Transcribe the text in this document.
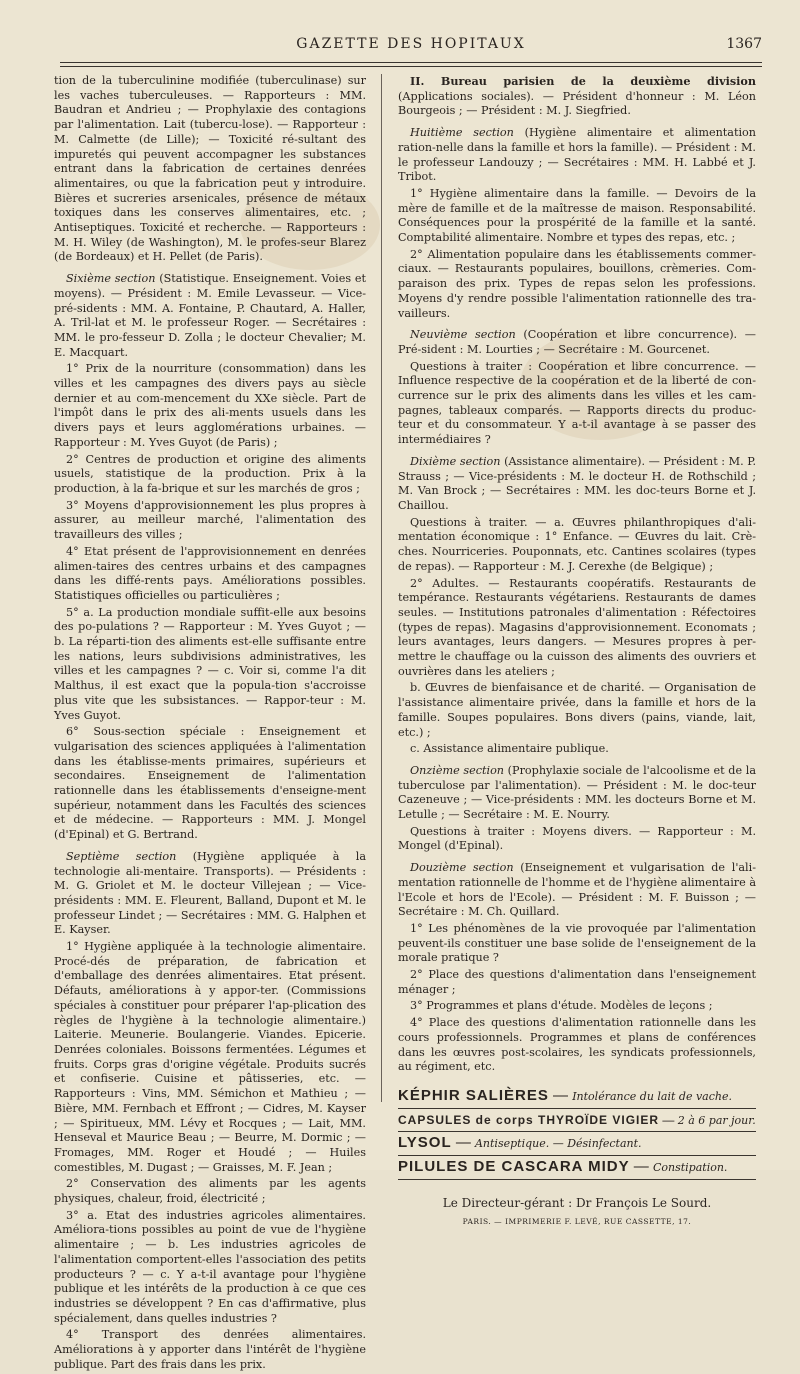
GAZETTE DES HOPITAUX	1367

tion de la tuberculinine modifiée (tuberculinase) sur les vaches tuberculeuses. — Rapporteurs : MM. Baudran et Andrieu ; — Prophylaxie des contagions par l'alimentation. Lait (tubercu-lose). — Rapporteur : M. Calmette (de Lille); — Toxicité ré-sultant des impuretés qui peuvent accompagner les substances entrant dans la fabrication de certaines denrées alimentaires, ou que la fabrication peut y introduire. Bières et sucreries arsenicales, présence de métaux toxiques dans les conserves alimentaires, etc. ; Antiseptiques. Toxicité et recherche. — Rapporteurs : M. H. Wiley (de Washington), M. le profes-seur Blarez (de Bordeaux) et H. Pellet (de Paris).

Sixième section (Statistique. Enseignement. Voies et moyens). — Président : M. Emile Levasseur. — Vice-pré-sidents : MM. A. Fontaine, P. Chautard, A. Haller, A. Tril-lat et M. le professeur Roger. — Secrétaires : MM. le pro-fesseur D. Zolla ; le docteur Chevalier; M. E. Macquart.

1° Prix de la nourriture (consommation) dans les villes et les campagnes des divers pays au siècle dernier et au com-mencement du XXe siècle. Part de l'impôt dans le prix des ali-ments usuels dans les divers pays et leurs agglomérations urbaines. — Rapporteur : M. Yves Guyot (de Paris) ;

2° Centres de production et origine des aliments usuels, statistique de la production. Prix à la production, à la fa-brique et sur les marchés de gros ;

3° Moyens d'approvisionnement les plus propres à assurer, au meilleur marché, l'alimentation des travailleurs des villes ;

4° Etat présent de l'approvisionnement en denrées alimen-taires des centres urbains et des campagnes dans les diffé-rents pays. Améliorations possibles. Statistiques officielles ou particulières ;

5° a. La production mondiale suffit-elle aux besoins des po-pulations ? — Rapporteur : M. Yves Guyot ; — b. La réparti-tion des aliments est-elle suffisante entre les nations, leurs subdivisions administratives, les villes et les campagnes ? — c. Voir si, comme l'a dit Malthus, il est exact que la popula-tion s'accroisse plus vite que les subsistances. — Rappor-teur : M. Yves Guyot.

6° Sous-section spéciale : Enseignement et vulgarisation des sciences appliquées à l'alimentation dans les établisse-ments primaires, supérieurs et secondaires. Enseignement de l'alimentation rationnelle dans les établissements d'enseigne-ment supérieur, notamment dans les Facultés des sciences et de médecine. — Rapporteurs : MM. J. Mongel (d'Epinal) et G. Bertrand.

Septième section (Hygiène appliquée à la technologie ali-mentaire. Transports). — Présidents : M. G. Griolet et M. le docteur Villejean ; — Vice-présidents : MM. E. Fleurent, Balland, Dupont et M. le professeur Lindet ; — Secrétaires : MM. G. Halphen et E. Kayser.

1° Hygiène appliquée à la technologie alimentaire. Procé-dés de préparation, de fabrication et d'emballage des denrées alimentaires. Etat présent. Défauts, améliorations à y appor-ter. (Commissions spéciales à constituer pour préparer l'ap-plication des règles de l'hygiène à la technologie alimentaire.) Laiterie. Meunerie. Boulangerie. Viandes. Epicerie. Denrées coloniales. Boissons fermentées. Légumes et fruits. Corps gras d'origine végétale. Produits sucrés et confiserie. Cuisine et pâtisseries, etc. — Rapporteurs : Vins, MM. Sémichon et Mathieu ; — Bière, MM. Fernbach et Effront ; — Cidres, M. Kayser ; — Spiritueux, MM. Lévy et Rocques ; — Lait, MM. Henseval et Maurice Beau ; — Beurre, M. Dormic ; — Fromages, MM. Roger et Houdé ; — Huiles comestibles, M. Dugast ; — Graisses, M. F. Jean ;

2° Conservation des aliments par les agents physiques, chaleur, froid, électricité ;

3° a. Etat des industries agricoles alimentaires. Améliora-tions possibles au point de vue de l'hygiène alimentaire ; — b. Les industries agricoles de l'alimentation comportent-elles l'association des petits producteurs ? — c. Y a-t-il avantage pour l'hygiène publique et les intérêts de la production à ce que ces industries se développent ? En cas d'affirmative, plus spécialement, dans quelles industries ?

4° Transport des denrées alimentaires. Améliorations à y apporter dans l'intérêt de l'hygiène publique. Part des frais dans les prix.

II. Bureau parisien de la deuxième division (Applications sociales). — Président d'honneur : M. Léon Bourgeois ; — Président : M. J. Siegfried.

Huitième section (Hygiène alimentaire et alimentation ration-nelle dans la famille et hors la famille). — Président : M. le professeur Landouzy ; — Secrétaires : MM. H. Labbé et J. Tribot.

1° Hygiène alimentaire dans la famille. — Devoirs de la mère de famille et de la maîtresse de maison. Responsabilité. Conséquences pour la prospérité de la famille et la santé. Comptabilité alimentaire. Nombre et types des repas, etc. ;

2° Alimentation populaire dans les établissements commer-ciaux. — Restaurants populaires, bouillons, crèmeries. Com-paraison des prix. Types de repas selon les professions. Moyens d'y rendre possible l'alimentation rationnelle des tra-vailleurs.

Neuvième section (Coopération et libre concurrence). — Pré-sident : M. Lourties ; — Secrétaire : M. Gourcenet.

Questions à traiter : Coopération et libre concurrence. — Influence respective de la coopération et de la liberté de con-currence sur le prix des aliments dans les villes et les cam-pagnes, tableaux comparés. — Rapports directs du produc-teur et du consommateur. Y a-t-il avantage à se passer des intermédiaires ?

Dixième section (Assistance alimentaire). — Président : M. P. Strauss ; — Vice-présidents : M. le docteur H. de Rothschild ; M. Van Brock ; — Secrétaires : MM. les doc-teurs Borne et J. Chaillou.

Questions à traiter. — a. Œuvres philanthropiques d'ali-mentation économique : 1° Enfance. — Œuvres du lait. Crè-ches. Nourriceries. Pouponnats, etc. Cantines scolaires (types de repas). — Rapporteur : M. J. Cerexhe (de Belgique) ;

2° Adultes. — Restaurants coopératifs. Restaurants de tempérance. Restaurants végétariens. Restaurants de dames seules. — Institutions patronales d'alimentation : Réfectoires (types de repas). Magasins d'approvisionnement. Economats ; leurs avantages, leurs dangers. — Mesures propres à per-mettre le chauffage ou la cuisson des aliments des ouvriers et ouvrières dans les ateliers ;

b. Œuvres de bienfaisance et de charité. — Organisation de l'assistance alimentaire privée, dans la famille et hors de la famille. Soupes populaires. Bons divers (pains, viande, lait, etc.) ;

c. Assistance alimentaire publique.

Onzième section (Prophylaxie sociale de l'alcoolisme et de la tuberculose par l'alimentation). — Président : M. le doc-teur Cazeneuve ; — Vice-présidents : MM. les docteurs Borne et M. Letulle ; — Secrétaire : M. E. Nourry.

Questions à traiter : Moyens divers. — Rapporteur : M. Mongel (d'Epinal).

Douzième section (Enseignement et vulgarisation de l'ali-mentation rationnelle de l'homme et de l'hygiène alimentaire à l'Ecole et hors de l'Ecole). — Président : M. F. Buisson ; — Secrétaire : M. Ch. Quillard.

1° Les phénomènes de la vie provoquée par l'alimentation peuvent-ils constituer une base solide de l'enseignement de la morale pratique ?

2° Place des questions d'alimentation dans l'enseignement ménager ;

3° Programmes et plans d'étude. Modèles de leçons ;

4° Place des questions d'alimentation rationnelle dans les cours professionnels. Programmes et plans de conférences dans les œuvres post-scolaires, les syndicats professionnels, au régiment, etc.

KÉPHIR SALIÈRES — Intolérance du lait de vache.
CAPSULES de corps THYROÏDE VIGIER — 2 à 6 par jour.
LYSOL — Antiseptique. — Désinfectant.
PILULES DE CASCARA MIDY — Constipation.
Le Directeur-gérant : Dr François Le Sourd.
PARIS. — IMPRIMERIE F. LEVÉ, RUE CASSETTE, 17.
